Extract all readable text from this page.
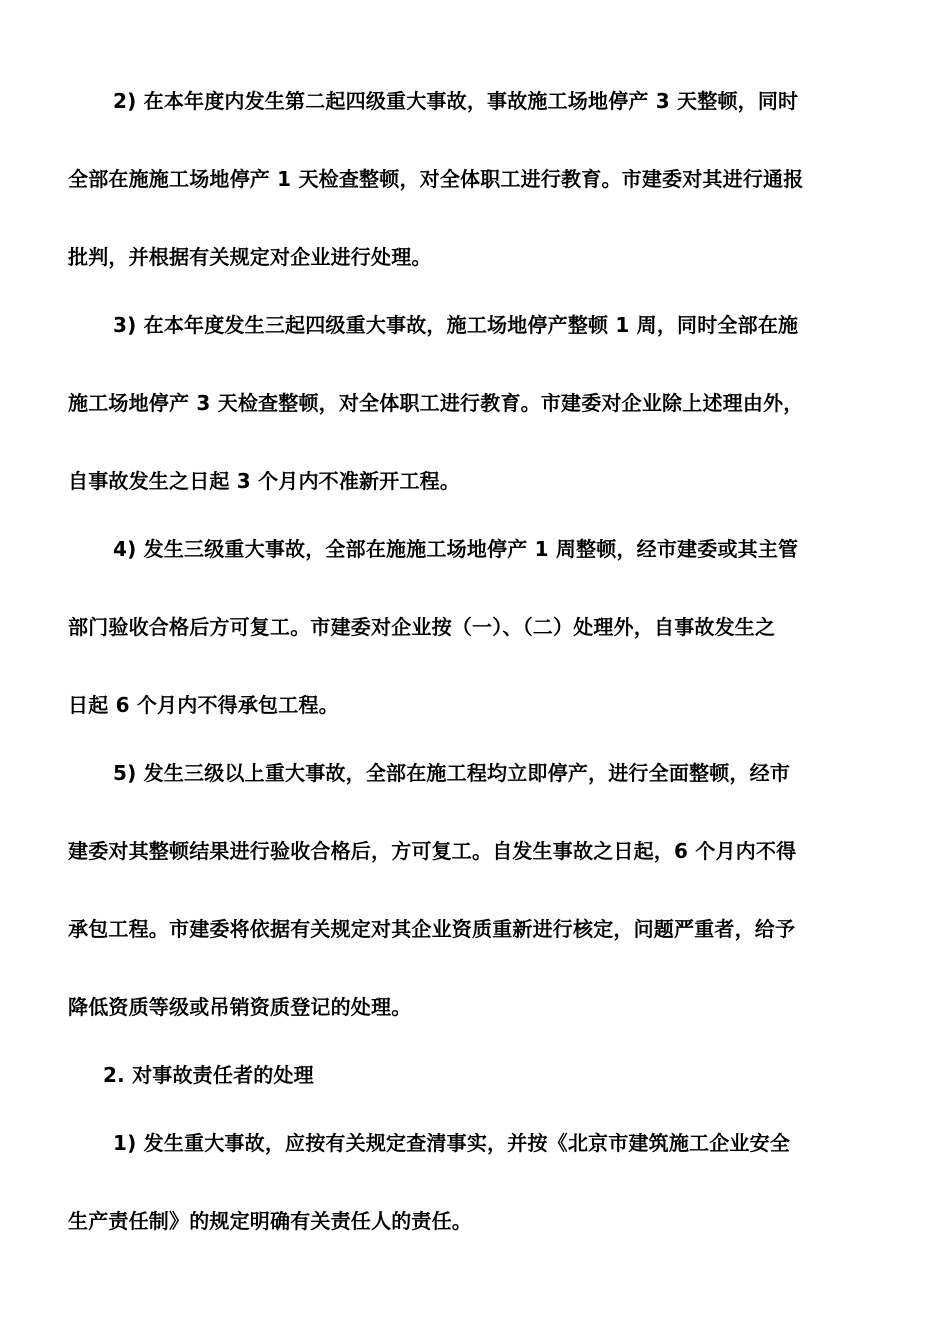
2) 在本年度内发生第二起四级重大事故，事故施工场地停产 3 天整顿，同时
全部在施施工场地停产 1 天检查整顿，对全体职工进行教育。市建委对其进行通报
批判，并根据有关规定对企业进行处理。
3) 在本年度发生三起四级重大事故，施工场地停产整顿 1 周，同时全部在施
施工场地停产 3 天检查整顿，对全体职工进行教育。市建委对企业除上述理由外，
自事故发生之日起 3 个月内不准新开工程。
4) 发生三级重大事故，全部在施施工场地停产 1 周整顿，经市建委或其主管
部门验收合格后方可复工。市建委对企业按（一）、（二）处理外，自事故发生之
日起 6 个月内不得承包工程。
5) 发生三级以上重大事故，全部在施工程均立即停产，进行全面整顿，经市
建委对其整顿结果进行验收合格后，方可复工。自发生事故之日起，6 个月内不得
承包工程。市建委将依据有关规定对其企业资质重新进行核定，问题严重者，给予
降低资质等级或吊销资质登记的处理。
2. 对事故责任者的处理
1) 发生重大事故，应按有关规定查清事实，并按《北京市建筑施工企业安全
生产责任制》的规定明确有关责任人的责任。
